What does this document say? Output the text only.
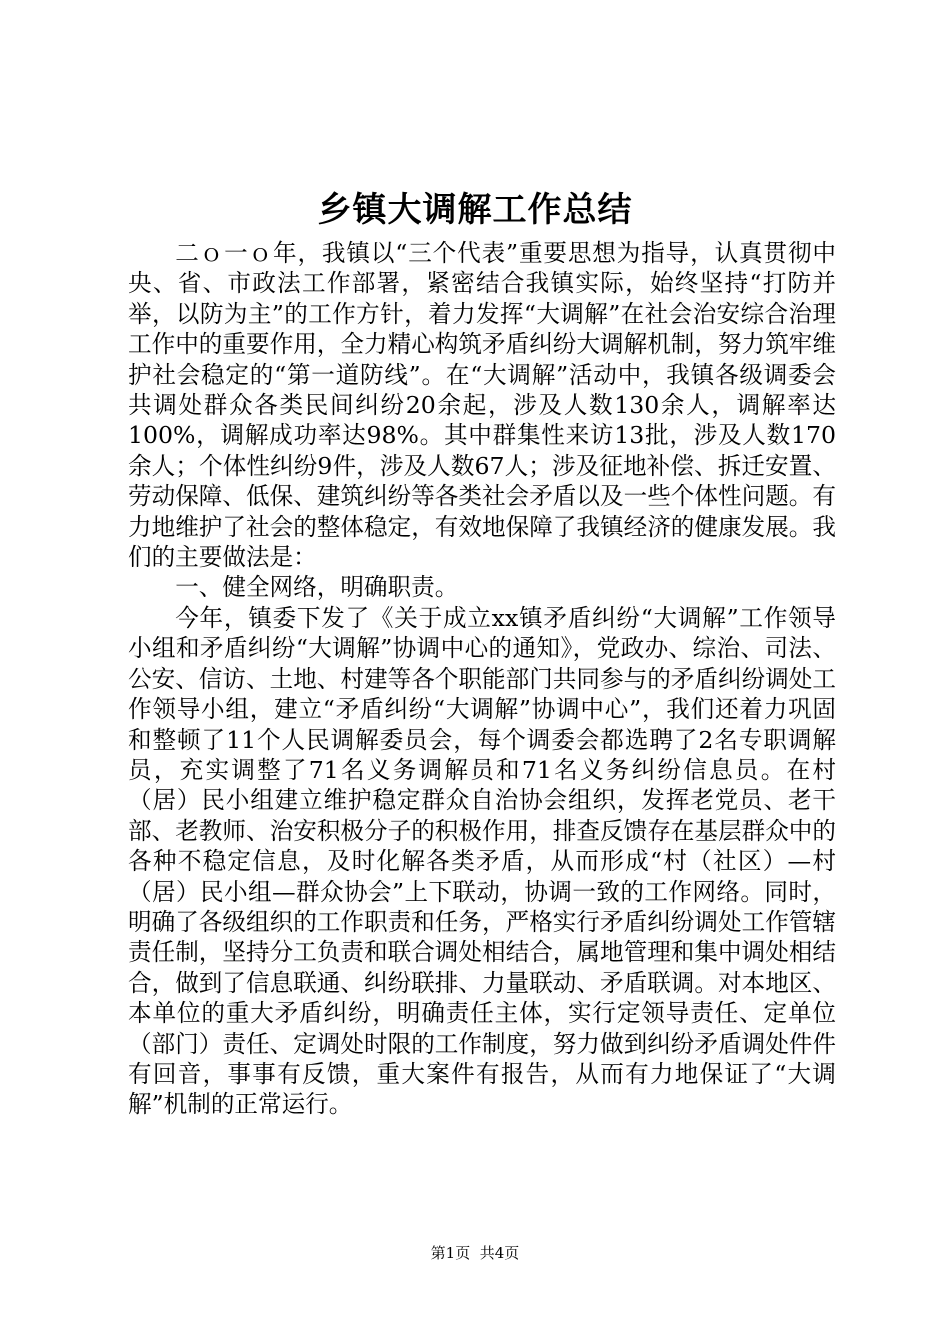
乡镇大调解工作总结

二ｏ一ｏ年，我镇以“三个代表”重要思想为指导，认真贯彻中央、省、市政法工作部署，紧密结合我镇实际，始终坚持“打防并举，以防为主”的工作方针，着力发挥“大调解”在社会治安综合治理工作中的重要作用，全力精心构筑矛盾纠纷大调解机制，努力筑牢维护社会稳定的“第一道防线”。在“大调解”活动中，我镇各级调委会共调处群众各类民间纠纷20余起，涉及人数130余人，调解率达100%，调解成功率达98%。其中群集性来访13批，涉及人数170余人；个体性纠纷9件，涉及人数67人；涉及征地补偿、拆迁安置、劳动保障、低保、建筑纠纷等各类社会矛盾以及一些个体性问题。有力地维护了社会的整体稳定，有效地保障了我镇经济的健康发展。我们的主要做法是：

一、健全网络，明确职责。

今年，镇委下发了《关于成立xx镇矛盾纠纷“大调解”工作领导小组和矛盾纠纷“大调解”协调中心的通知》，党政办、综治、司法、公安、信访、土地、村建等各个职能部门共同参与的矛盾纠纷调处工作领导小组，建立“矛盾纠纷“大调解”协调中心”，我们还着力巩固和整顿了11个人民调解委员会，每个调委会都选聘了2名专职调解员，充实调整了71名义务调解员和71名义务纠纷信息员。在村（居）民小组建立维护稳定群众自治协会组织，发挥老党员、老干部、老教师、治安积极分子的积极作用，排查反馈存在基层群众中的各种不稳定信息，及时化解各类矛盾，从而形成“村（社区）—村（居）民小组—群众协会”上下联动，协调一致的工作网络。同时，明确了各级组织的工作职责和任务，严格实行矛盾纠纷调处工作管辖责任制，坚持分工负责和联合调处相结合，属地管理和集中调处相结合，做到了信息联通、纠纷联排、力量联动、矛盾联调。对本地区、本单位的重大矛盾纠纷，明确责任主体，实行定领导责任、定单位（部门）责任、定调处时限的工作制度，努力做到纠纷矛盾调处件件有回音，事事有反馈，重大案件有报告，从而有力地保证了“大调解”机制的正常运行。

第1页 共4页
